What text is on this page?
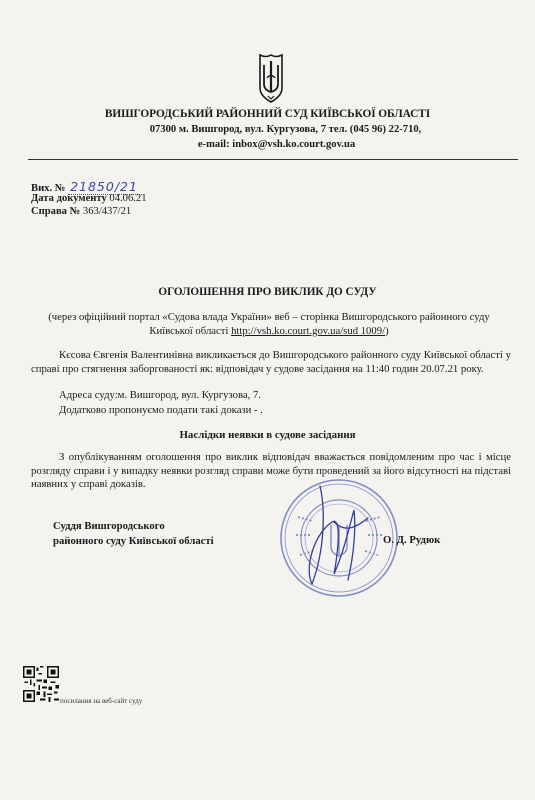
ВИШГОРОДСЬКИЙ РАЙОННИЙ СУД КИЇВСЬКОЇ ОБЛАСТІ
07300 м. Вишгород, вул. Кургузова, 7 тел. (045 96) 22-710,
e-mail: inbox@vsh.ko.court.gov.ua
Вих. № 21850/21
Дата документу 04.06.21
Справа № 363/437/21
ОГОЛОШЕННЯ ПРО ВИКЛИК ДО СУДУ
(через офіційний портал «Судова влада України» веб – сторінка Вишгородського районного суду Київської області http://vsh.ko.court.gov.ua/sud 1009/)
Кєсова Євгенія Валентинівна викликається до Вишгородського районного суду Київської області у справі про стягнення заборгованості як: відповідач у судове засідання на 11:40 годин 20.07.21 року.
Адреса суду:м. Вишгород, вул. Кургузова, 7.
Додатково пропонуємо подати такі докази - .
Наслідки неявки в судове засідання
З опублікуванням оголошення про виклик відповідач вважається повідомленим про час і місце розгляду справи і у випадку неявки розгляд справи може бути проведений за його відсутності на підставі наявних у справі доказів.
Суддя Вишгородського
районного суду Київської області	О. Д. Рудюк
посилання на веб-сайт суду
